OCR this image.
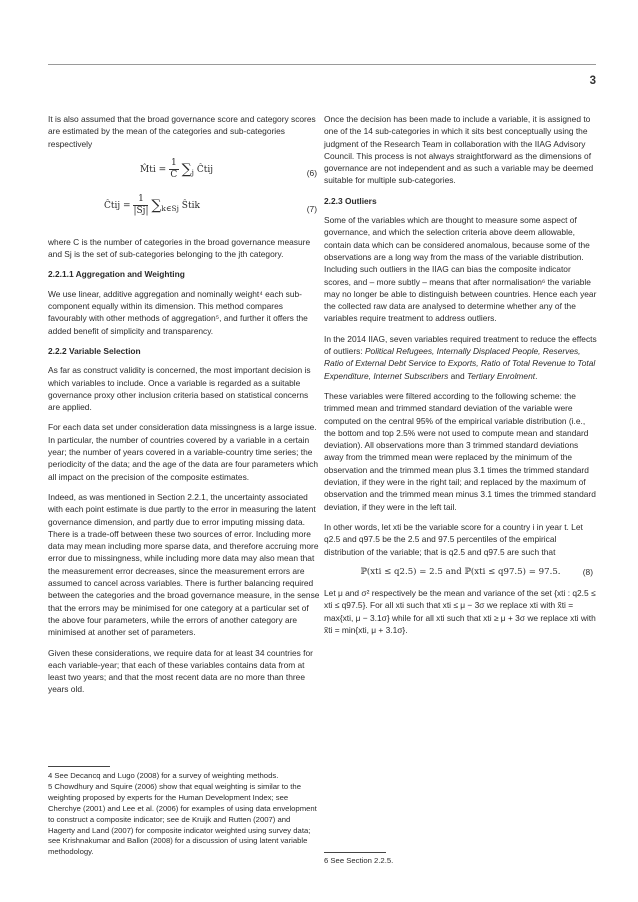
3

It is also assumed that the broad governance score and category scores are estimated by the mean of the categories and sub-categories respectively

M̂ti = $\frac{1}{C} \sum_j$ Ĉtij	(6)
Ĉtij = $\frac{1}{|Sj|} \sum_{k\in Sj}$ Ŝtik	(7)

where C is the number of categories in the broad governance measure and Sj is the set of sub-categories belonging to the jth category.

2.2.1.1 Aggregation and Weighting

We use linear, additive aggregation and nominally weight⁴ each sub-component equally within its dimension. This method compares favourably with other methods of aggregation⁵, and further it offers the added benefit of simplicity and transparency.

2.2.2 Variable Selection

As far as construct validity is concerned, the most important decision is which variables to include. Once a variable is regarded as a suitable governance proxy other inclusion criteria based on statistical concerns are applied.

For each data set under consideration data missingness is a large issue. In particular, the number of countries covered by a variable in a certain year; the number of years covered in a variable-country time series; the periodicity of the data; and the age of the data are four parameters which all impact on the precision of the composite estimates.

Indeed, as was mentioned in Section 2.2.1, the uncertainty associated with each point estimate is due partly to the error in measuring the latent governance dimension, and partly due to error imputing missing data. There is a trade-off between these two sources of error. Including more data may mean including more sparse data, and therefore accruing more error due to missingness, while including more data may also mean that the measurement error decreases, since the measurement errors are assumed to cancel across variables. There is further balancing required between the categories and the broad governance measure, in the sense that the errors may be minimised for one category at a particular set of the above four parameters, while the errors of another category are minimised at another set of parameters.

Given these considerations, we require data for at least 34 countries for each variable-year; that each of these variables contains data from at least two years; and that the most recent data are no more than three years old.

4 See Decancq and Lugo (2008) for a survey of weighting methods.

5 Chowdhury and Squire (2006) show that equal weighting is similar to the weighting proposed by experts for the Human Development Index; see Cherchye (2001) and Lee et al. (2006) for examples of using data envelopment to construct a composite indicator; see de Kruijk and Rutten (2007) and Hagerty and Land (2007) for composite indicator weighted using survey data; see Krishnakumar and Ballon (2008) for a discussion of using latent variable methodology.

Once the decision has been made to include a variable, it is assigned to one of the 14 sub-categories in which it sits best conceptually using the judgment of the Research Team in collaboration with the IIAG Advisory Council. This process is not always straightforward as the dimensions of governance are not independent and as such a variable may be deemed suitable for multiple sub-categories.

2.2.3 Outliers

Some of the variables which are thought to measure some aspect of governance, and which the selection criteria above deem allowable, contain data which can be considered anomalous, because some of the observations are a long way from the mass of the variable distribution. Including such outliers in the IIAG can bias the composite indicator scores, and – more subtly – means that after normalisation⁶ the variable may no longer be able to distinguish between countries. Hence each year the collected raw data are analysed to determine whether any of the variables require treatment to address outliers.

In the 2014 IIAG, seven variables required treatment to reduce the effects of outliers: Political Refugees, Internally Displaced People, Reserves, Ratio of External Debt Service to Exports, Ratio of Total Revenue to Total Expenditure, Internet Subscribers and Tertiary Enrolment.

These variables were filtered according to the following scheme: the trimmed mean and trimmed standard deviation of the variable were computed on the central 95% of the empirical variable distribution (i.e., the bottom and top 2.5% were not used to compute mean and standard deviation). All observations more than 3 trimmed standard deviations away from the trimmed mean were replaced by the minimum of the observation and the trimmed mean plus 3.1 times the trimmed standard deviation, if they were in the right tail; and replaced by the maximum of observation and the trimmed mean minus 3.1 times the trimmed standard deviation, if they were in the left tail.

In other words, let xti be the variable score for a country i in year t. Let q2.5 and q97.5 be the 2.5 and 97.5 percentiles of the empirical distribution of the variable; that is q2.5 and q97.5 are such that

ℙ(xti ≤ q2.5) = 2.5 and ℙ(xti ≤ q97.5) = 97.5.	(8)

Let μ and σ² respectively be the mean and variance of the set {xti : q2.5 ≤ xti ≤ q97.5}. For all xti such that xti ≤ μ − 3σ we replace xti with x̃ti = max{xti, μ − 3.1σ} while for all xti such that xti ≥ μ + 3σ we replace xti with x̃ti = min{xti, μ + 3.1σ}.

6 See Section 2.2.5.
